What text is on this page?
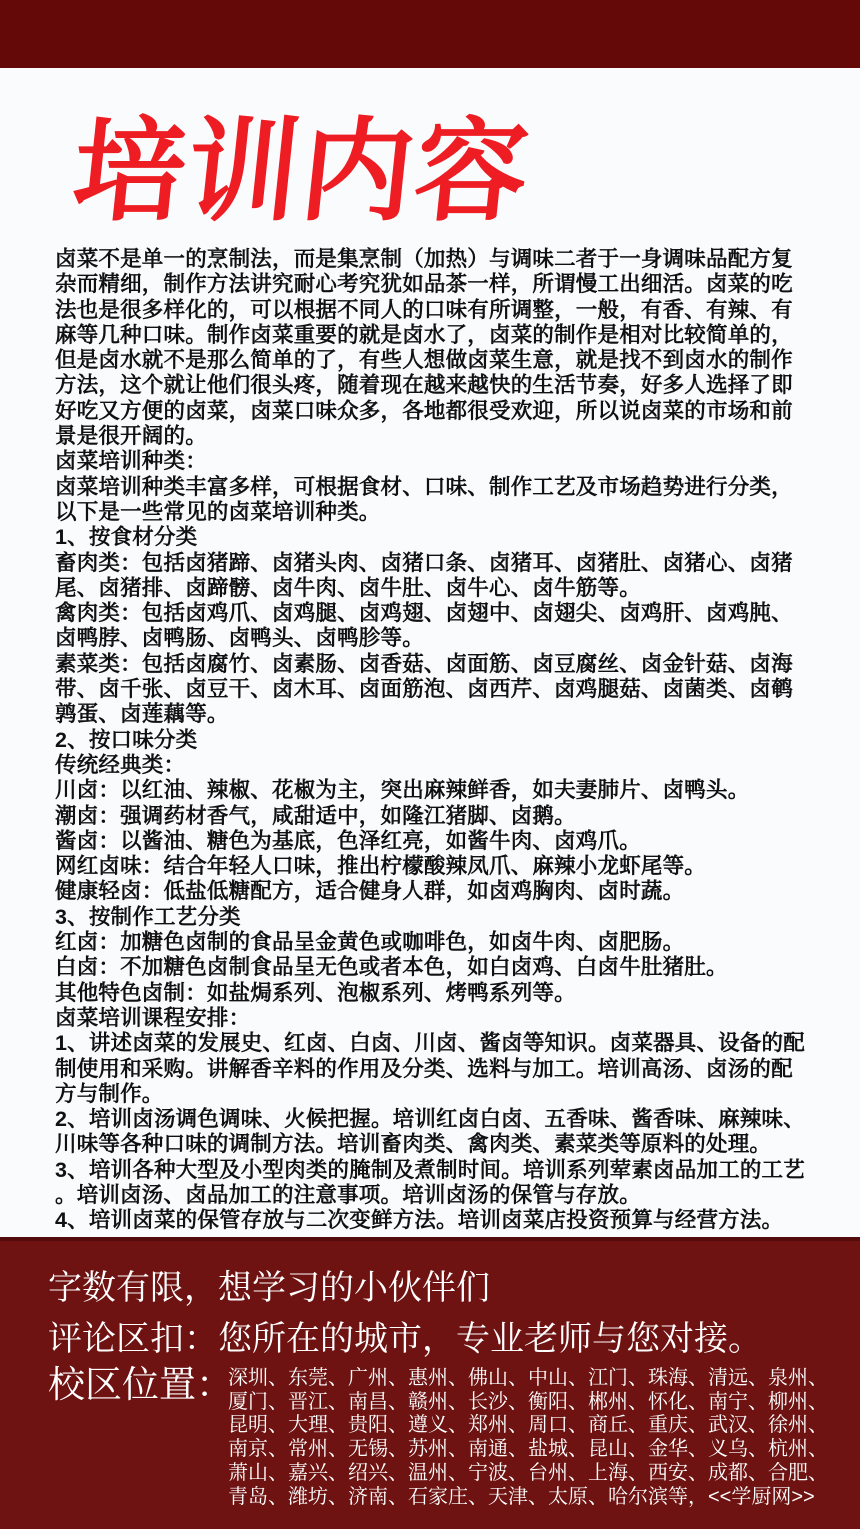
培训内容
卤菜不是单一的烹制法，而是集烹制（加热）与调味二者于一身调味品配方复
杂而精细，制作方法讲究耐心考究犹如品茶一样，所谓慢工出细活。卤菜的吃
法也是很多样化的，可以根据不同人的口味有所调整，一般，有香、有辣、有
麻等几种口味。制作卤菜重要的就是卤水了，卤菜的制作是相对比较简单的，
但是卤水就不是那么简单的了，有些人想做卤菜生意，就是找不到卤水的制作
方法，这个就让他们很头疼，随着现在越来越快的生活节奏，好多人选择了即
好吃又方便的卤菜，卤菜口味众多，各地都很受欢迎，所以说卤菜的市场和前
景是很开阔的。
卤菜培训种类：
卤菜培训种类丰富多样，可根据食材、口味、制作工艺及市场趋势进行分类，
以下是一些常见的卤菜培训种类。
1、按食材分类
畜肉类：包括卤猪蹄、卤猪头肉、卤猪口条、卤猪耳、卤猪肚、卤猪心、卤猪
尾、卤猪排、卤蹄髈、卤牛肉、卤牛肚、卤牛心、卤牛筋等。
禽肉类：包括卤鸡爪、卤鸡腿、卤鸡翅、卤翅中、卤翅尖、卤鸡肝、卤鸡肫、
卤鸭脖、卤鸭肠、卤鸭头、卤鸭胗等。
素菜类：包括卤腐竹、卤素肠、卤香菇、卤面筋、卤豆腐丝、卤金针菇、卤海
带、卤千张、卤豆干、卤木耳、卤面筋泡、卤西芹、卤鸡腿菇、卤菌类、卤鹌
鹑蛋、卤莲藕等。
2、按口味分类
传统经典类：
川卤：以红油、辣椒、花椒为主，突出麻辣鲜香，如夫妻肺片、卤鸭头。
潮卤：强调药材香气，咸甜适中，如隆江猪脚、卤鹅。
酱卤：以酱油、糖色为基底，色泽红亮，如酱牛肉、卤鸡爪。
网红卤味：结合年轻人口味，推出柠檬酸辣凤爪、麻辣小龙虾尾等。
健康轻卤：低盐低糖配方，适合健身人群，如卤鸡胸肉、卤时蔬。
3、按制作工艺分类
红卤：加糖色卤制的食品呈金黄色或咖啡色，如卤牛肉、卤肥肠。
白卤：不加糖色卤制食品呈无色或者本色，如白卤鸡、白卤牛肚猪肚。
其他特色卤制：如盐焗系列、泡椒系列、烤鸭系列等。
卤菜培训课程安排：
1、讲述卤菜的发展史、红卤、白卤、川卤、酱卤等知识。卤菜器具、设备的配
制使用和采购。讲解香辛料的作用及分类、选料与加工。培训高汤、卤汤的配
方与制作。
2、培训卤汤调色调味、火候把握。培训红卤白卤、五香味、酱香味、麻辣味、
川味等各种口味的调制方法。培训畜肉类、禽肉类、素菜类等原料的处理。
3、培训各种大型及小型肉类的腌制及煮制时间。培训系列荤素卤品加工的工艺
。培训卤汤、卤品加工的注意事项。培训卤汤的保管与存放。
4、培训卤菜的保管存放与二次变鲜方法。培训卤菜店投资预算与经营方法。
字数有限，想学习的小伙伴们
评论区扣：您所在的城市，专业老师与您对接。
校区位置：
深圳、东莞、广州、惠州、佛山、中山、江门、珠海、清远、泉州、
厦门、晋江、南昌、赣州、长沙、衡阳、郴州、怀化、南宁、柳州、
昆明、大理、贵阳、遵义、郑州、周口、商丘、重庆、武汉、徐州、
南京、常州、无锡、苏州、南通、盐城、昆山、金华、义乌、杭州、
萧山、嘉兴、绍兴、温州、宁波、台州、上海、西安、成都、合肥、
青岛、潍坊、济南、石家庄、天津、太原、哈尔滨等，<<学厨网>>
